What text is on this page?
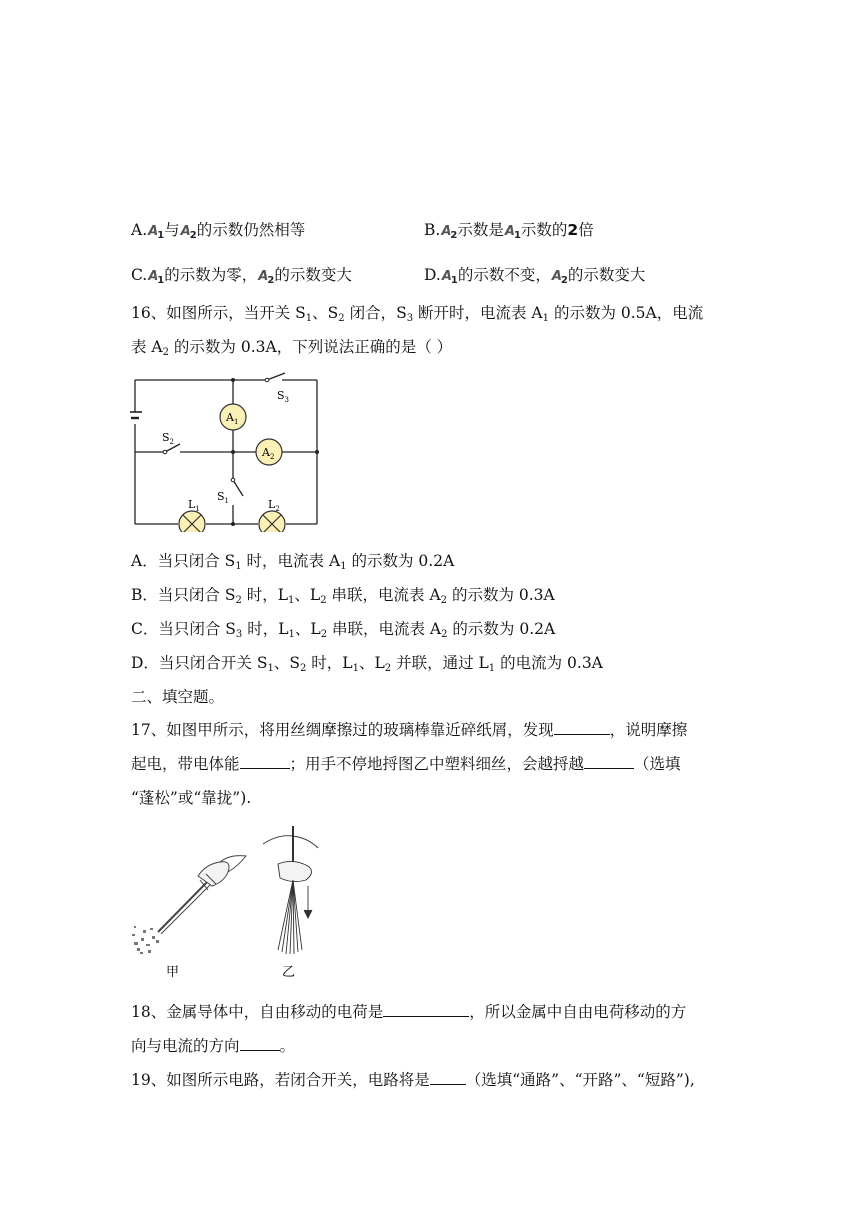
$A.A_1$与$A_2$的示数仍然相等	$B.A_2$示数是$A_1$示数的2倍
$C.A_1$的示数为零，$A_2$的示数变大	$D.A_1$的示数不变，$A_2$的示数变大
16、如图所示，当开关 $S_1$、$S_2$ 闭合，$S_3$ 断开时，电流表 $A_1$ 的示数为 0.5A，电流
表 $A_2$ 的示数为 0.3A，下列说法正确的是（ ）
A 1
A 2
$S_3$
$S_2$
$S_1$
$L_1$	$L_2$
A．当只闭合 $S_1$ 时，电流表 $A_1$ 的示数为 0.2A
B．当只闭合 $S_2$ 时，$L_1$、$L_2$ 串联，电流表 $A_2$ 的示数为 0.3A
C．当只闭合 $S_3$ 时，$L_1$、$L_2$ 串联，电流表 $A_2$ 的示数为 0.2A
D．当只闭合开关 $S_1$、$S_2$ 时，$L_1$、$L_2$ 并联，通过 $L_1$ 的电流为 0.3A
二、填空题。
17、如图甲所示，将用丝绸摩擦过的玻璃棒靠近碎纸屑，发现	，说明摩擦
起电，带电体能	；用手不停地捋图乙中塑料细丝，会越捋越	（选填
“蓬松”或“靠拢”).
甲	乙
18、金属导体中，自由移动的电荷是	，所以金属中自由电荷移动的方
向与电流的方向	。
19、如图所示电路，若闭合开关，电路将是 （选填“通路”、“开路”、“短路”),
